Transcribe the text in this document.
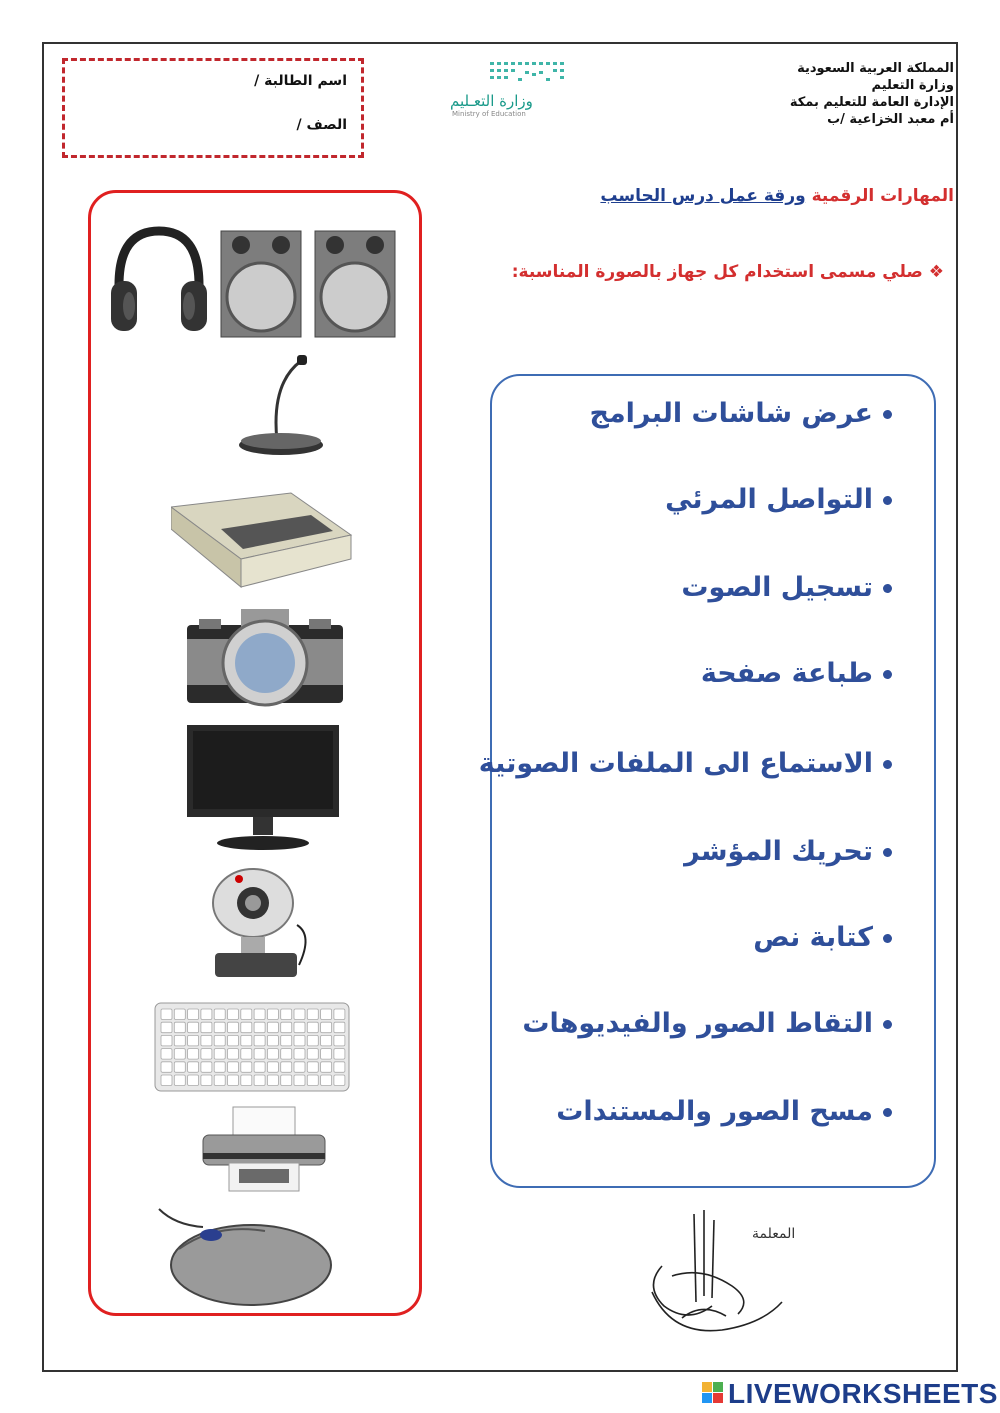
المملكة العربية السعودية
وزارة التعليم
الإدارة العامة للتعليم بمكة
أم معبد الخزاعية /ب
اسم الطالبة /
الصف /
وزارة التعـليم
Ministry of Education
المهارات الرقمية ورقة عمل درس الحاسب
❖ صلي مسمى استخدام كل جهاز بالصورة المناسبة:
عرض شاشات البرامج
التواصل المرئي
تسجيل الصوت
طباعة صفحة
الاستماع الى الملفات الصوتية
تحريك المؤشر
كتابة نص
التقاط الصور والفيديوهات
مسح الصور والمستندات
المعلمة
LIVEWORKSHEETS
